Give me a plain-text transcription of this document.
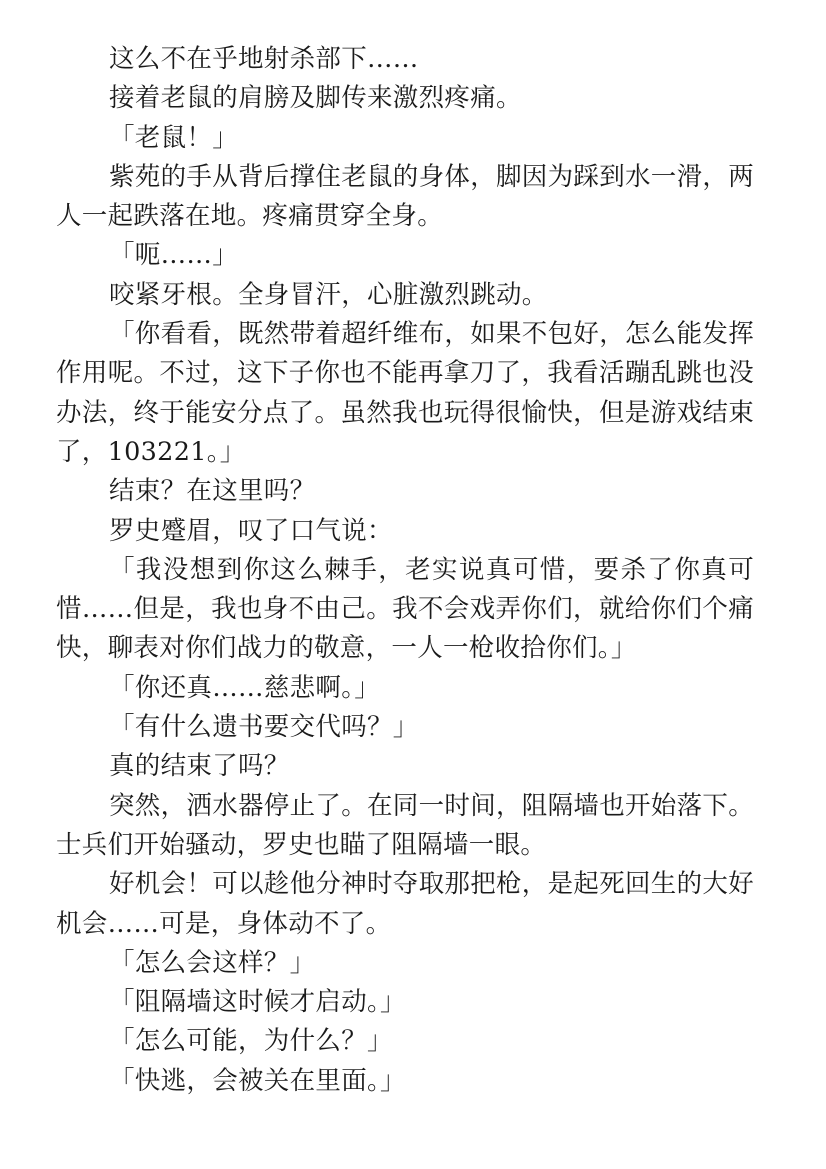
这么不在乎地射杀部下……

接着老鼠的肩膀及脚传来激烈疼痛。

「老鼠！」

紫苑的手从背后撑住老鼠的身体，脚因为踩到水一滑，两人一起跌落在地。疼痛贯穿全身。

「呃……」

咬紧牙根。全身冒汗，心脏激烈跳动。

「你看看，既然带着超纤维布，如果不包好，怎么能发挥作用呢。不过，这下子你也不能再拿刀了，我看活蹦乱跳也没办法，终于能安分点了。虽然我也玩得很愉快，但是游戏结束了，103221。」

结束？在这里吗？

罗史蹙眉，叹了口气说：

「我没想到你这么棘手，老实说真可惜，要杀了你真可惜……但是，我也身不由己。我不会戏弄你们，就给你们个痛快，聊表对你们战力的敬意，一人一枪收拾你们。」

「你还真……慈悲啊。」

「有什么遗书要交代吗？」

真的结束了吗？

突然，洒水器停止了。在同一时间，阻隔墙也开始落下。士兵们开始骚动，罗史也瞄了阻隔墙一眼。

好机会！可以趁他分神时夺取那把枪，是起死回生的大好机会……可是，身体动不了。

「怎么会这样？」

「阻隔墙这时候才启动。」

「怎么可能，为什么？」

「快逃，会被关在里面。」
